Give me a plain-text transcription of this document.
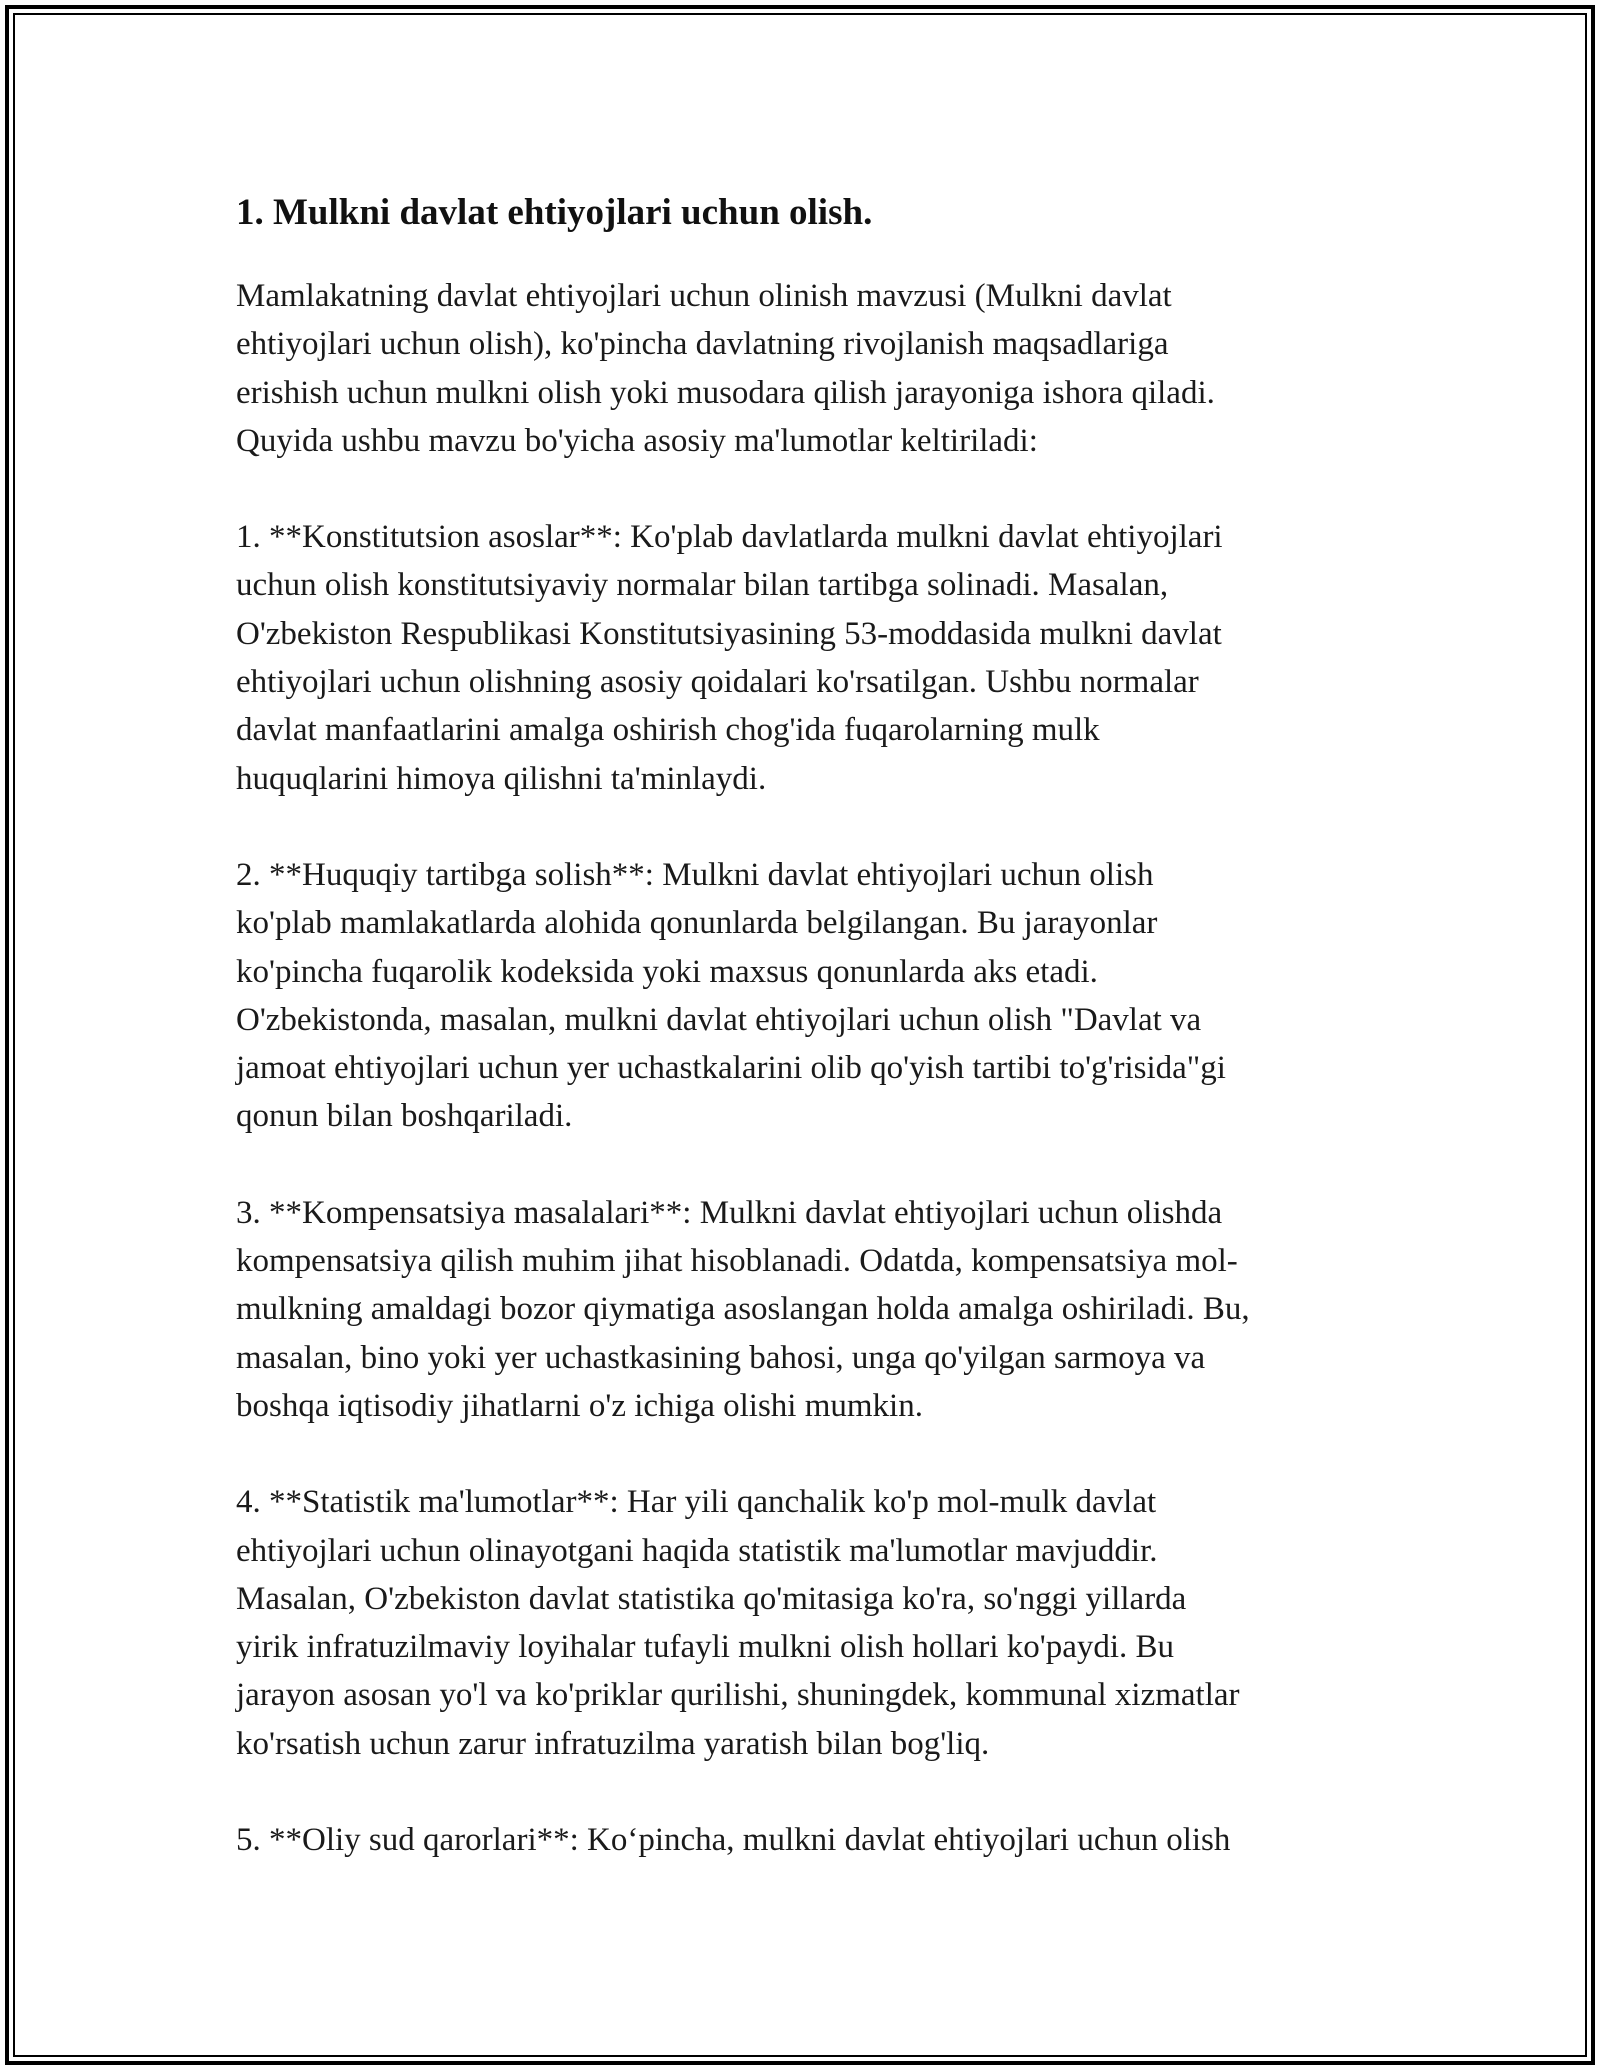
1. Mulkni davlat ehtiyojlari uchun olish.

Mamlakatning davlat ehtiyojlari uchun olinish mavzusi (Mulkni davlat
ehtiyojlari uchun olish), ko'pincha davlatning rivojlanish maqsadlariga
erishish uchun mulkni olish yoki musodara qilish jarayoniga ishora qiladi.
Quyida ushbu mavzu bo'yicha asosiy ma'lumotlar keltiriladi:

1. **Konstitutsion asoslar**: Ko'plab davlatlarda mulkni davlat ehtiyojlari
uchun olish konstitutsiyaviy normalar bilan tartibga solinadi. Masalan,
O'zbekiston Respublikasi Konstitutsiyasining 53-moddasida mulkni davlat
ehtiyojlari uchun olishning asosiy qoidalari ko'rsatilgan. Ushbu normalar
davlat manfaatlarini amalga oshirish chog'ida fuqarolarning mulk
huquqlarini himoya qilishni ta'minlaydi.

2. **Huquqiy tartibga solish**: Mulkni davlat ehtiyojlari uchun olish
ko'plab mamlakatlarda alohida qonunlarda belgilangan. Bu jarayonlar
ko'pincha fuqarolik kodeksida yoki maxsus qonunlarda aks etadi.
O'zbekistonda, masalan, mulkni davlat ehtiyojlari uchun olish "Davlat va
jamoat ehtiyojlari uchun yer uchastkalarini olib qo'yish tartibi to'g'risida"gi
qonun bilan boshqariladi.

3. **Kompensatsiya masalalari**: Mulkni davlat ehtiyojlari uchun olishda
kompensatsiya qilish muhim jihat hisoblanadi. Odatda, kompensatsiya mol-
mulkning amaldagi bozor qiymatiga asoslangan holda amalga oshiriladi. Bu,
masalan, bino yoki yer uchastkasining bahosi, unga qo'yilgan sarmoya va
boshqa iqtisodiy jihatlarni o'z ichiga olishi mumkin.

4. **Statistik ma'lumotlar**: Har yili qanchalik ko'p mol-mulk davlat
ehtiyojlari uchun olinayotgani haqida statistik ma'lumotlar mavjuddir.
Masalan, O'zbekiston davlat statistika qo'mitasiga ko'ra, so'nggi yillarda
yirik infratuzilmaviy loyihalar tufayli mulkni olish hollari ko'paydi. Bu
jarayon asosan yo'l va ko'priklar qurilishi, shuningdek, kommunal xizmatlar
ko'rsatish uchun zarur infratuzilma yaratish bilan bog'liq.

5. **Oliy sud qarorlari**: Ko‘pincha, mulkni davlat ehtiyojlari uchun olish
